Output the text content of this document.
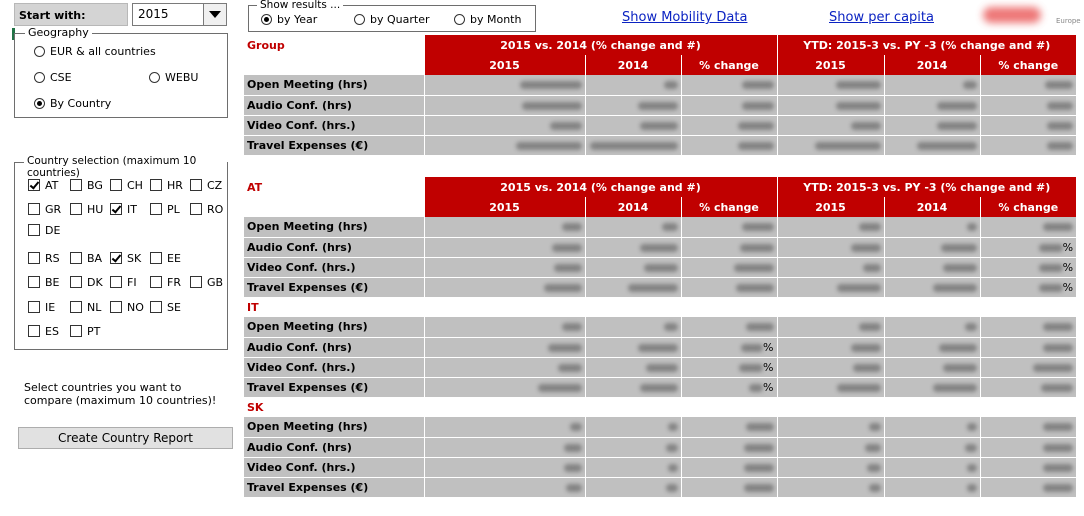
Start with:	2015
Geography
EUR & all countries
CSE	WEBU
By Country
Country selection (maximum 10 countries)
AT	BG	CH	HR	CZ
GR	HU	IT	PL	RO
DE
RS	BA	SK	EE
BE	DK	FI	FR	GB
IE	NL	NO	SE
ES	PT
Select countries you want to compare (maximum 10 countries)!
Create Country Report
Show results ...
by Year	by Quarter	by Month	Show Mobility Data	Show per capita	Europe
Group	2015 vs. 2014 (% change and #)			YTD: 2015-3 vs. PY -3 (% change and #)		
	2015	2014	% change	2015	2014	% change
Open Meeting (hrs)						
Audio Conf. (hrs)						
Video Conf. (hrs.)						
Travel Expenses (€)						
AT	2015 vs. 2014 (% change and #)			YTD: 2015-3 vs. PY -3 (% change and #)		
	2015	2014	% change	2015	2014	% change
Open Meeting (hrs)						
Audio Conf. (hrs)						%
Video Conf. (hrs.)						%
Travel Expenses (€)						%
IT						
Open Meeting (hrs)						
Audio Conf. (hrs)			%			
Video Conf. (hrs.)			%			
Travel Expenses (€)			%			
SK						
Open Meeting (hrs)						
Audio Conf. (hrs)						
Video Conf. (hrs.)						
Travel Expenses (€)						
